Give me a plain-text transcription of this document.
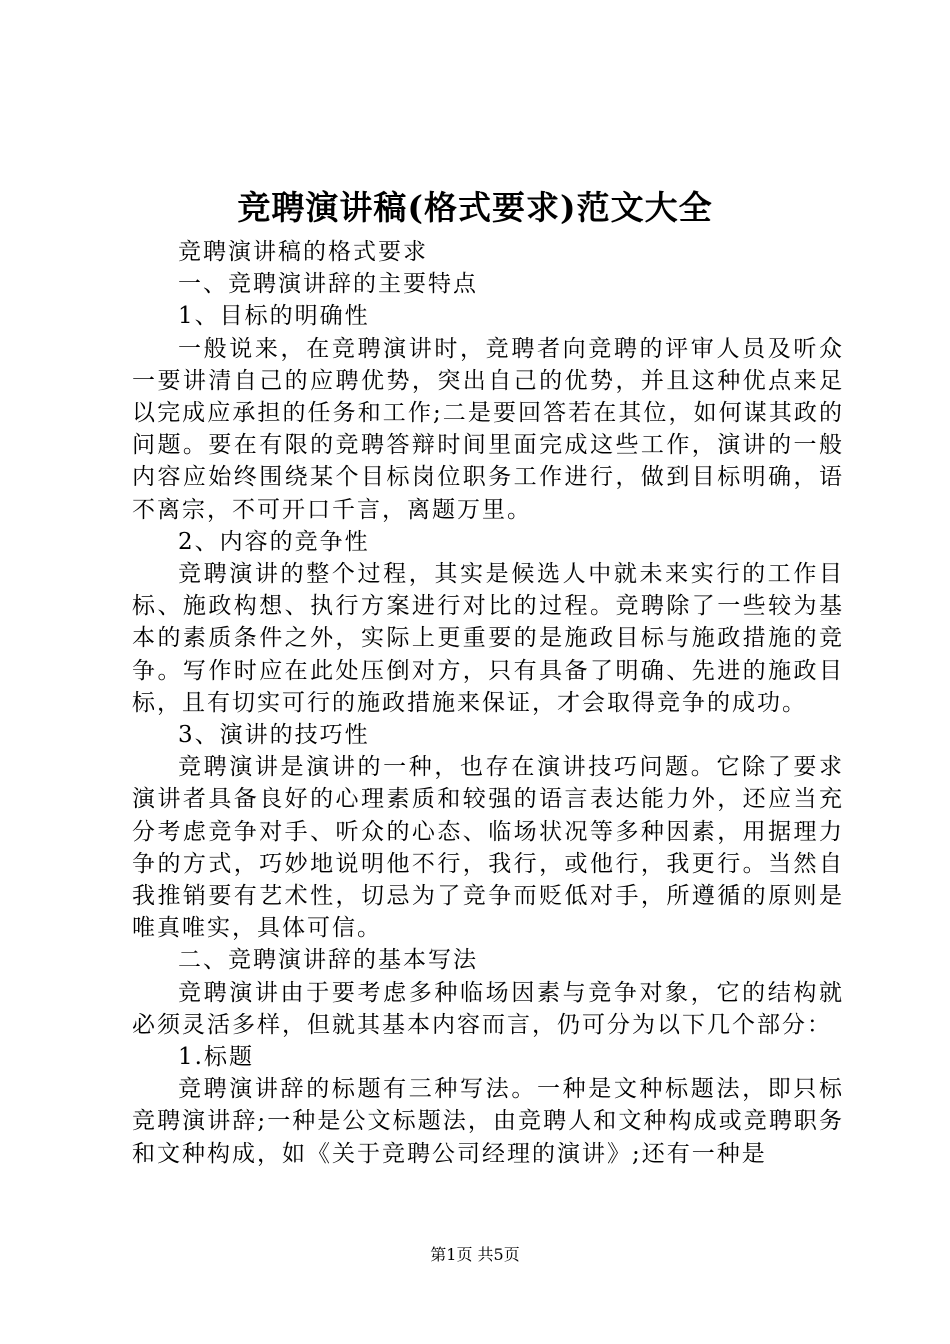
竞聘演讲稿(格式要求)范文大全

竞聘演讲稿的格式要求

一、竞聘演讲辞的主要特点

1、目标的明确性

一般说来，在竞聘演讲时，竞聘者向竞聘的评审人员及听众一要讲清自己的应聘优势，突出自己的优势，并且这种优点来足以完成应承担的任务和工作;二是要回答若在其位，如何谋其政的问题。要在有限的竞聘答辩时间里面完成这些工作，演讲的一般内容应始终围绕某个目标岗位职务工作进行，做到目标明确，语不离宗，不可开口千言，离题万里。

2、内容的竞争性

竞聘演讲的整个过程，其实是候选人中就未来实行的工作目标、施政构想、执行方案进行对比的过程。竞聘除了一些较为基本的素质条件之外，实际上更重要的是施政目标与施政措施的竞争。写作时应在此处压倒对方，只有具备了明确、先进的施政目标，且有切实可行的施政措施来保证，才会取得竞争的成功。

3、演讲的技巧性

竞聘演讲是演讲的一种，也存在演讲技巧问题。它除了要求演讲者具备良好的心理素质和较强的语言表达能力外，还应当充分考虑竞争对手、听众的心态、临场状况等多种因素，用据理力争的方式，巧妙地说明他不行，我行，或他行，我更行。当然自我推销要有艺术性，切忌为了竞争而贬低对手，所遵循的原则是唯真唯实，具体可信。

二、竞聘演讲辞的基本写法

竞聘演讲由于要考虑多种临场因素与竞争对象，它的结构就必须灵活多样，但就其基本内容而言，仍可分为以下几个部分：

1.标题

竞聘演讲辞的标题有三种写法。一种是文种标题法，即只标竞聘演讲辞;一种是公文标题法，由竞聘人和文种构成或竞聘职务和文种构成，如《关于竞聘公司经理的演讲》;还有一种是

第1页 共5页
